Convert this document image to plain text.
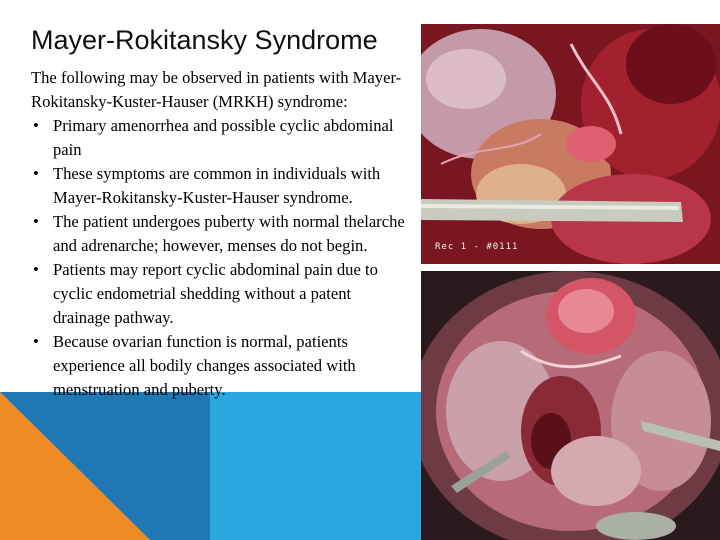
Mayer-Rokitansky Syndrome

The following may be observed in patients with Mayer-Rokitansky-Kuster-Hauser (MRKH) syndrome:

• Primary amenorrhea and possible cyclic abdominal pain
• These symptoms are common in individuals with Mayer-Rokitansky-Kuster-Hauser syndrome.
• The patient undergoes puberty with normal thelarche and adrenarche; however, menses do not begin.
• Patients may report cyclic abdominal pain due to cyclic endometrial shedding without a patent drainage pathway.
• Because ovarian function is normal, patients experience all bodily changes associated with menstruation and puberty.
Rec 1 - #0111
